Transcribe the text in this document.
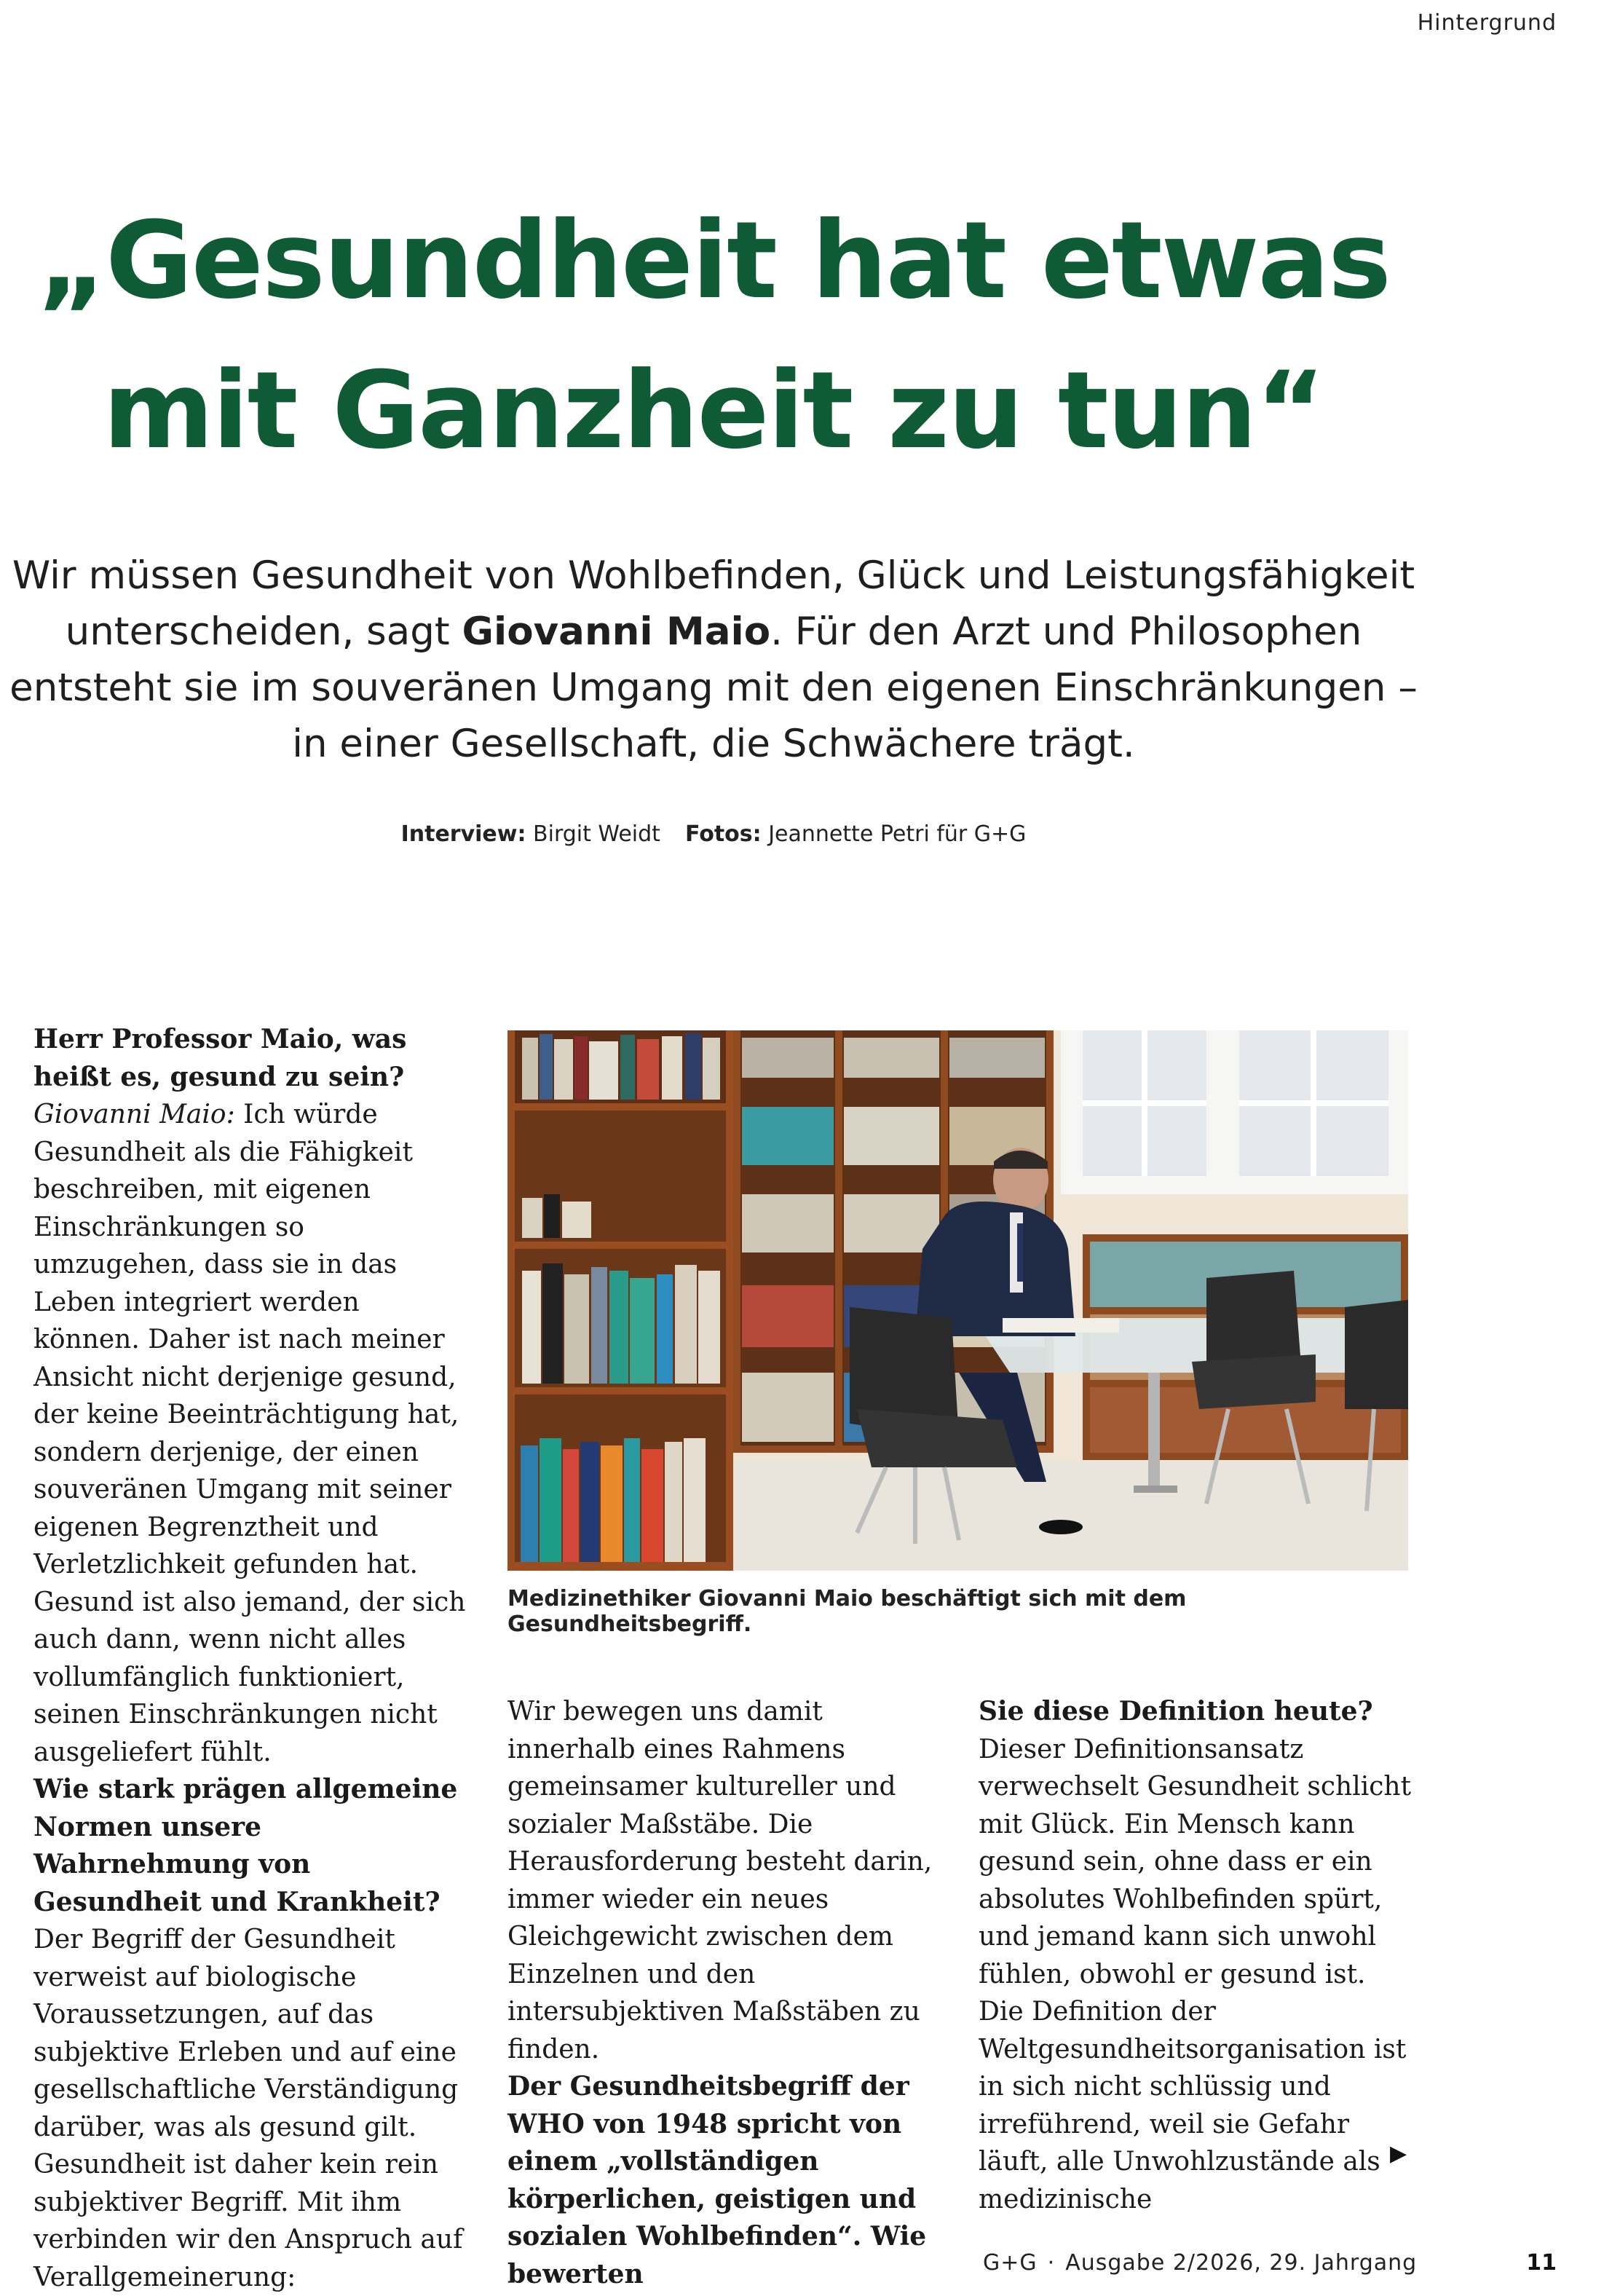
Hintergrund
„Gesundheit hat etwas
mit Ganzheit zu tun“

Wir müssen Gesundheit von Wohlbefinden, Glück und Leistungsfähigkeit unterscheiden, sagt Giovanni Maio. Für den Arzt und Philosophen entsteht sie im souveränen Umgang mit den eigenen Einschränkungen – in einer Gesellschaft, die Schwächere trägt.

Interview: Birgit Weidt Fotos: Jeannette Petri für G+G

Herr Professor Maio, was heißt es, gesund zu sein?

Giovanni Maio: Ich würde Gesundheit als die Fähigkeit beschreiben, mit eigenen Einschränkungen so umzugehen, dass sie in das Leben integriert werden können. Daher ist nach meiner Ansicht nicht derjenige gesund, der keine Beeinträchtigung hat, sondern derjenige, der einen souveränen Umgang mit seiner eigenen Begrenztheit und Verletzlichkeit gefunden hat. Gesund ist also jemand, der sich auch dann, wenn nicht alles vollumfänglich funktioniert, seinen Einschränkungen nicht ausgeliefert fühlt.

Wie stark prägen allgemeine Normen unsere Wahrnehmung von Gesundheit und Krankheit?

Der Begriff der Gesundheit verweist auf biologische Voraussetzungen, auf das subjektive Erleben und auf eine gesellschaftliche Verständigung darüber, was als gesund gilt. Gesundheit ist daher kein rein subjektiver Begriff. Mit ihm verbinden wir den Anspruch auf Verallgemeinerung:

Medizinethiker Giovanni Maio beschäftigt sich mit dem Gesundheitsbegriff.

Wir bewegen uns damit innerhalb eines Rahmens gemeinsamer kultureller und sozialer Maßstäbe. Die Herausforderung besteht darin, immer wieder ein neues Gleichgewicht zwischen dem Einzelnen und den intersubjektiven Maßstäben zu finden.

Der Gesundheitsbegriff der WHO von 1948 spricht von einem „vollständigen körperlichen, geistigen und sozialen Wohlbefinden“. Wie bewerten

Sie diese Definition heute?

Dieser Definitionsansatz verwechselt Gesundheit schlicht mit Glück. Ein Mensch kann gesund sein, ohne dass er ein absolutes Wohlbefinden spürt, und jemand kann sich unwohl fühlen, obwohl er gesund ist. Die Definition der Weltgesundheitsorganisation ist in sich nicht schlüssig und irreführend, weil sie Gefahr läuft, alle Unwohlzustände als medizinische

▶
G+G · Ausgabe 2/2026, 29. Jahrgang	11
